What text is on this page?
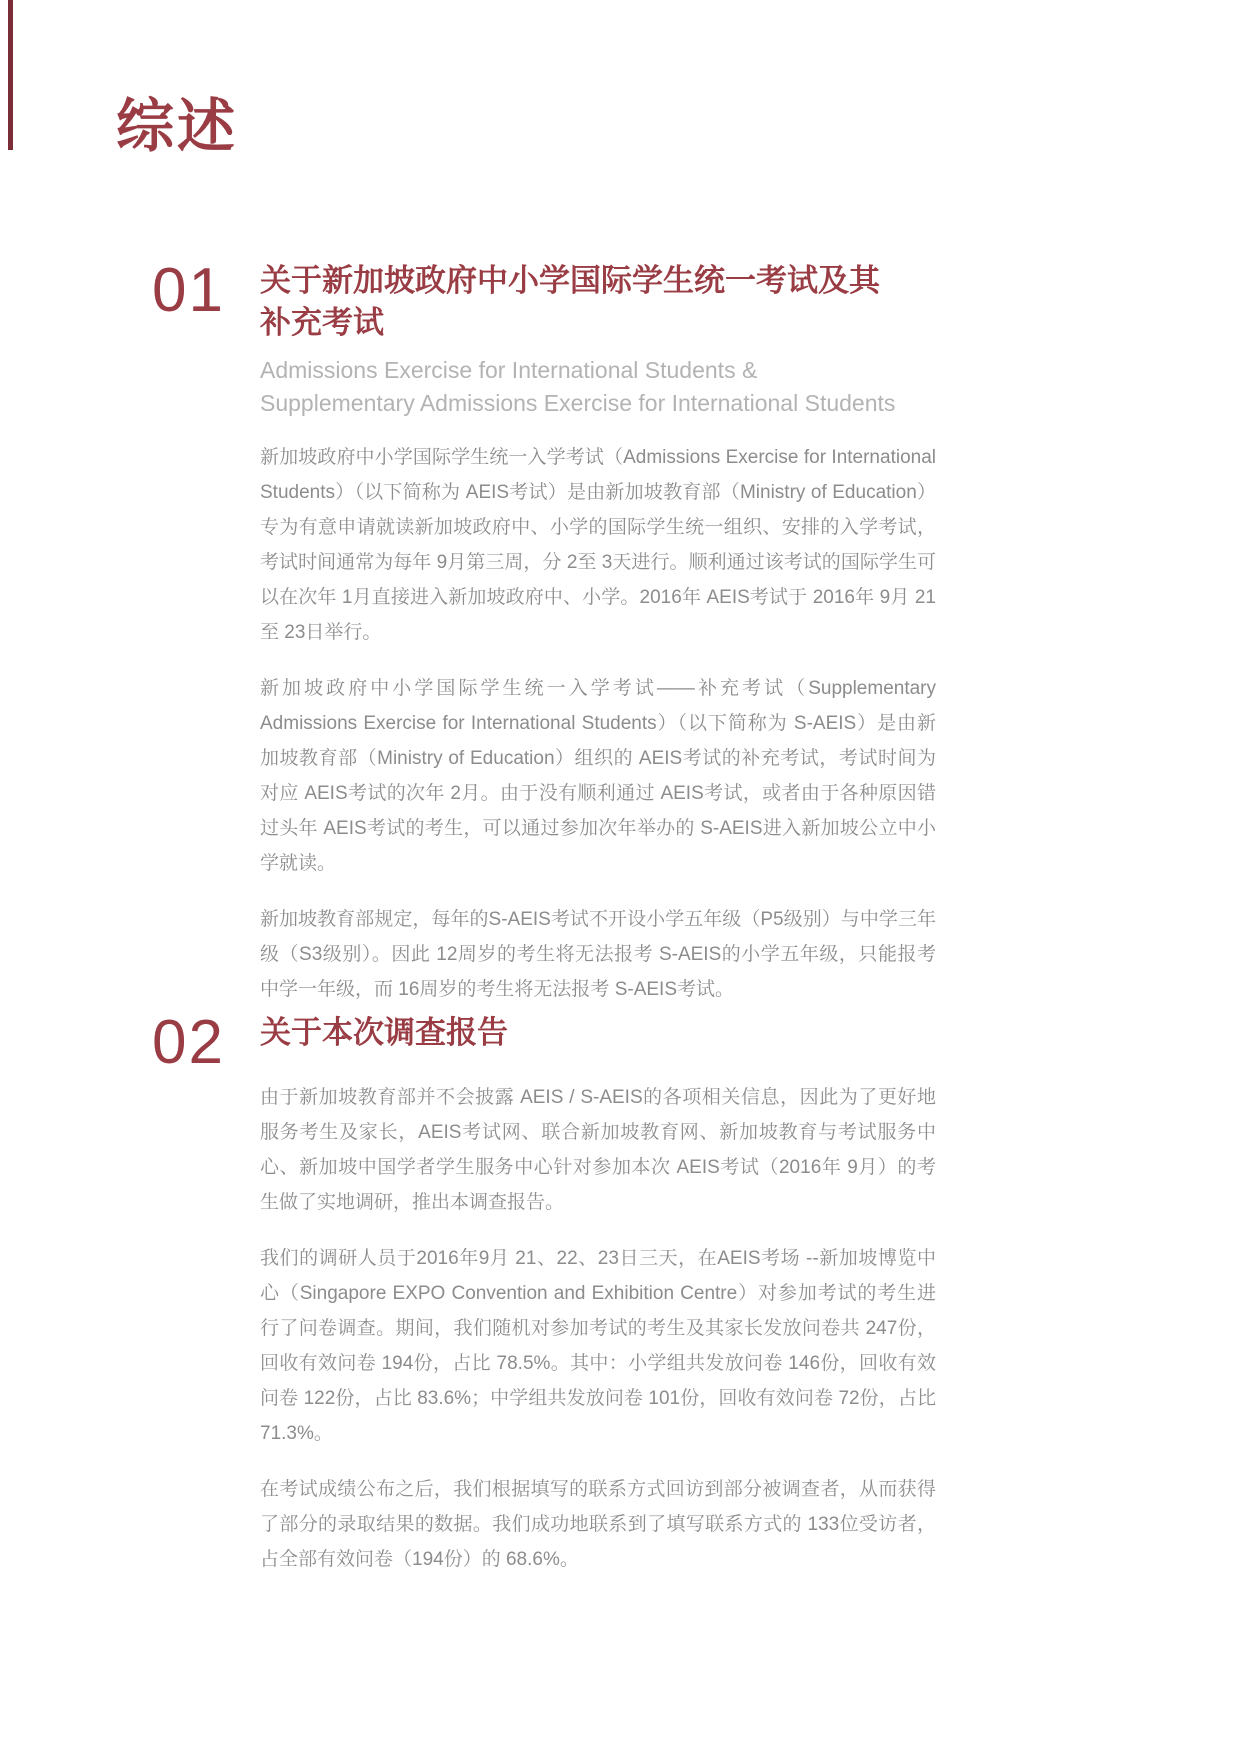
综述
01	关于新加坡政府中小学国际学生统一考试及其补充考试
Admissions Exercise for International Students &
Supplementary Admissions Exercise for International Students

新加坡政府中小学国际学生统一入学考试（Admissions Exercise for International Students）（以下简称为 AEIS考试）是由新加坡教育部（Ministry of Education）专为有意申请就读新加坡政府中、小学的国际学生统一组织、安排的入学考试，考试时间通常为每年 9月第三周，分 2至 3天进行。顺利通过该考试的国际学生可以在次年 1月直接进入新加坡政府中、小学。2016年 AEIS考试于 2016年 9月 21至 23日举行。

新加坡政府中小学国际学生统一入学考试——补充考试（Supplementary Admissions Exercise for International Students）（以下简称为 S-AEIS）是由新加坡教育部（Ministry of Education）组织的 AEIS考试的补充考试，考试时间为对应 AEIS考试的次年 2月。由于没有顺利通过 AEIS考试，或者由于各种原因错过头年 AEIS考试的考生，可以通过参加次年举办的 S-AEIS进入新加坡公立中小学就读。

新加坡教育部规定，每年的S-AEIS考试不开设小学五年级（P5级别）与中学三年级（S3级别）。因此 12周岁的考生将无法报考 S-AEIS的小学五年级，只能报考中学一年级，而 16周岁的考生将无法报考 S-AEIS考试。

02	关于本次调查报告

由于新加坡教育部并不会披露 AEIS / S-AEIS的各项相关信息，因此为了更好地服务考生及家长，AEIS考试网、联合新加坡教育网、新加坡教育与考试服务中心、新加坡中国学者学生服务中心针对参加本次 AEIS考试（2016年 9月）的考生做了实地调研，推出本调查报告。

我们的调研人员于2016年9月 21、22、23日三天，在AEIS考场 --新加坡博览中心（Singapore EXPO Convention and Exhibition Centre）对参加考试的考生进行了问卷调查。期间，我们随机对参加考试的考生及其家长发放问卷共 247份，回收有效问卷 194份，占比 78.5%。其中：小学组共发放问卷 146份，回收有效问卷 122份，占比 83.6%；中学组共发放问卷 101份，回收有效问卷 72份，占比 71.3%。

在考试成绩公布之后，我们根据填写的联系方式回访到部分被调查者，从而获得了部分的录取结果的数据。我们成功地联系到了填写联系方式的 133位受访者，占全部有效问卷（194份）的 68.6%。
